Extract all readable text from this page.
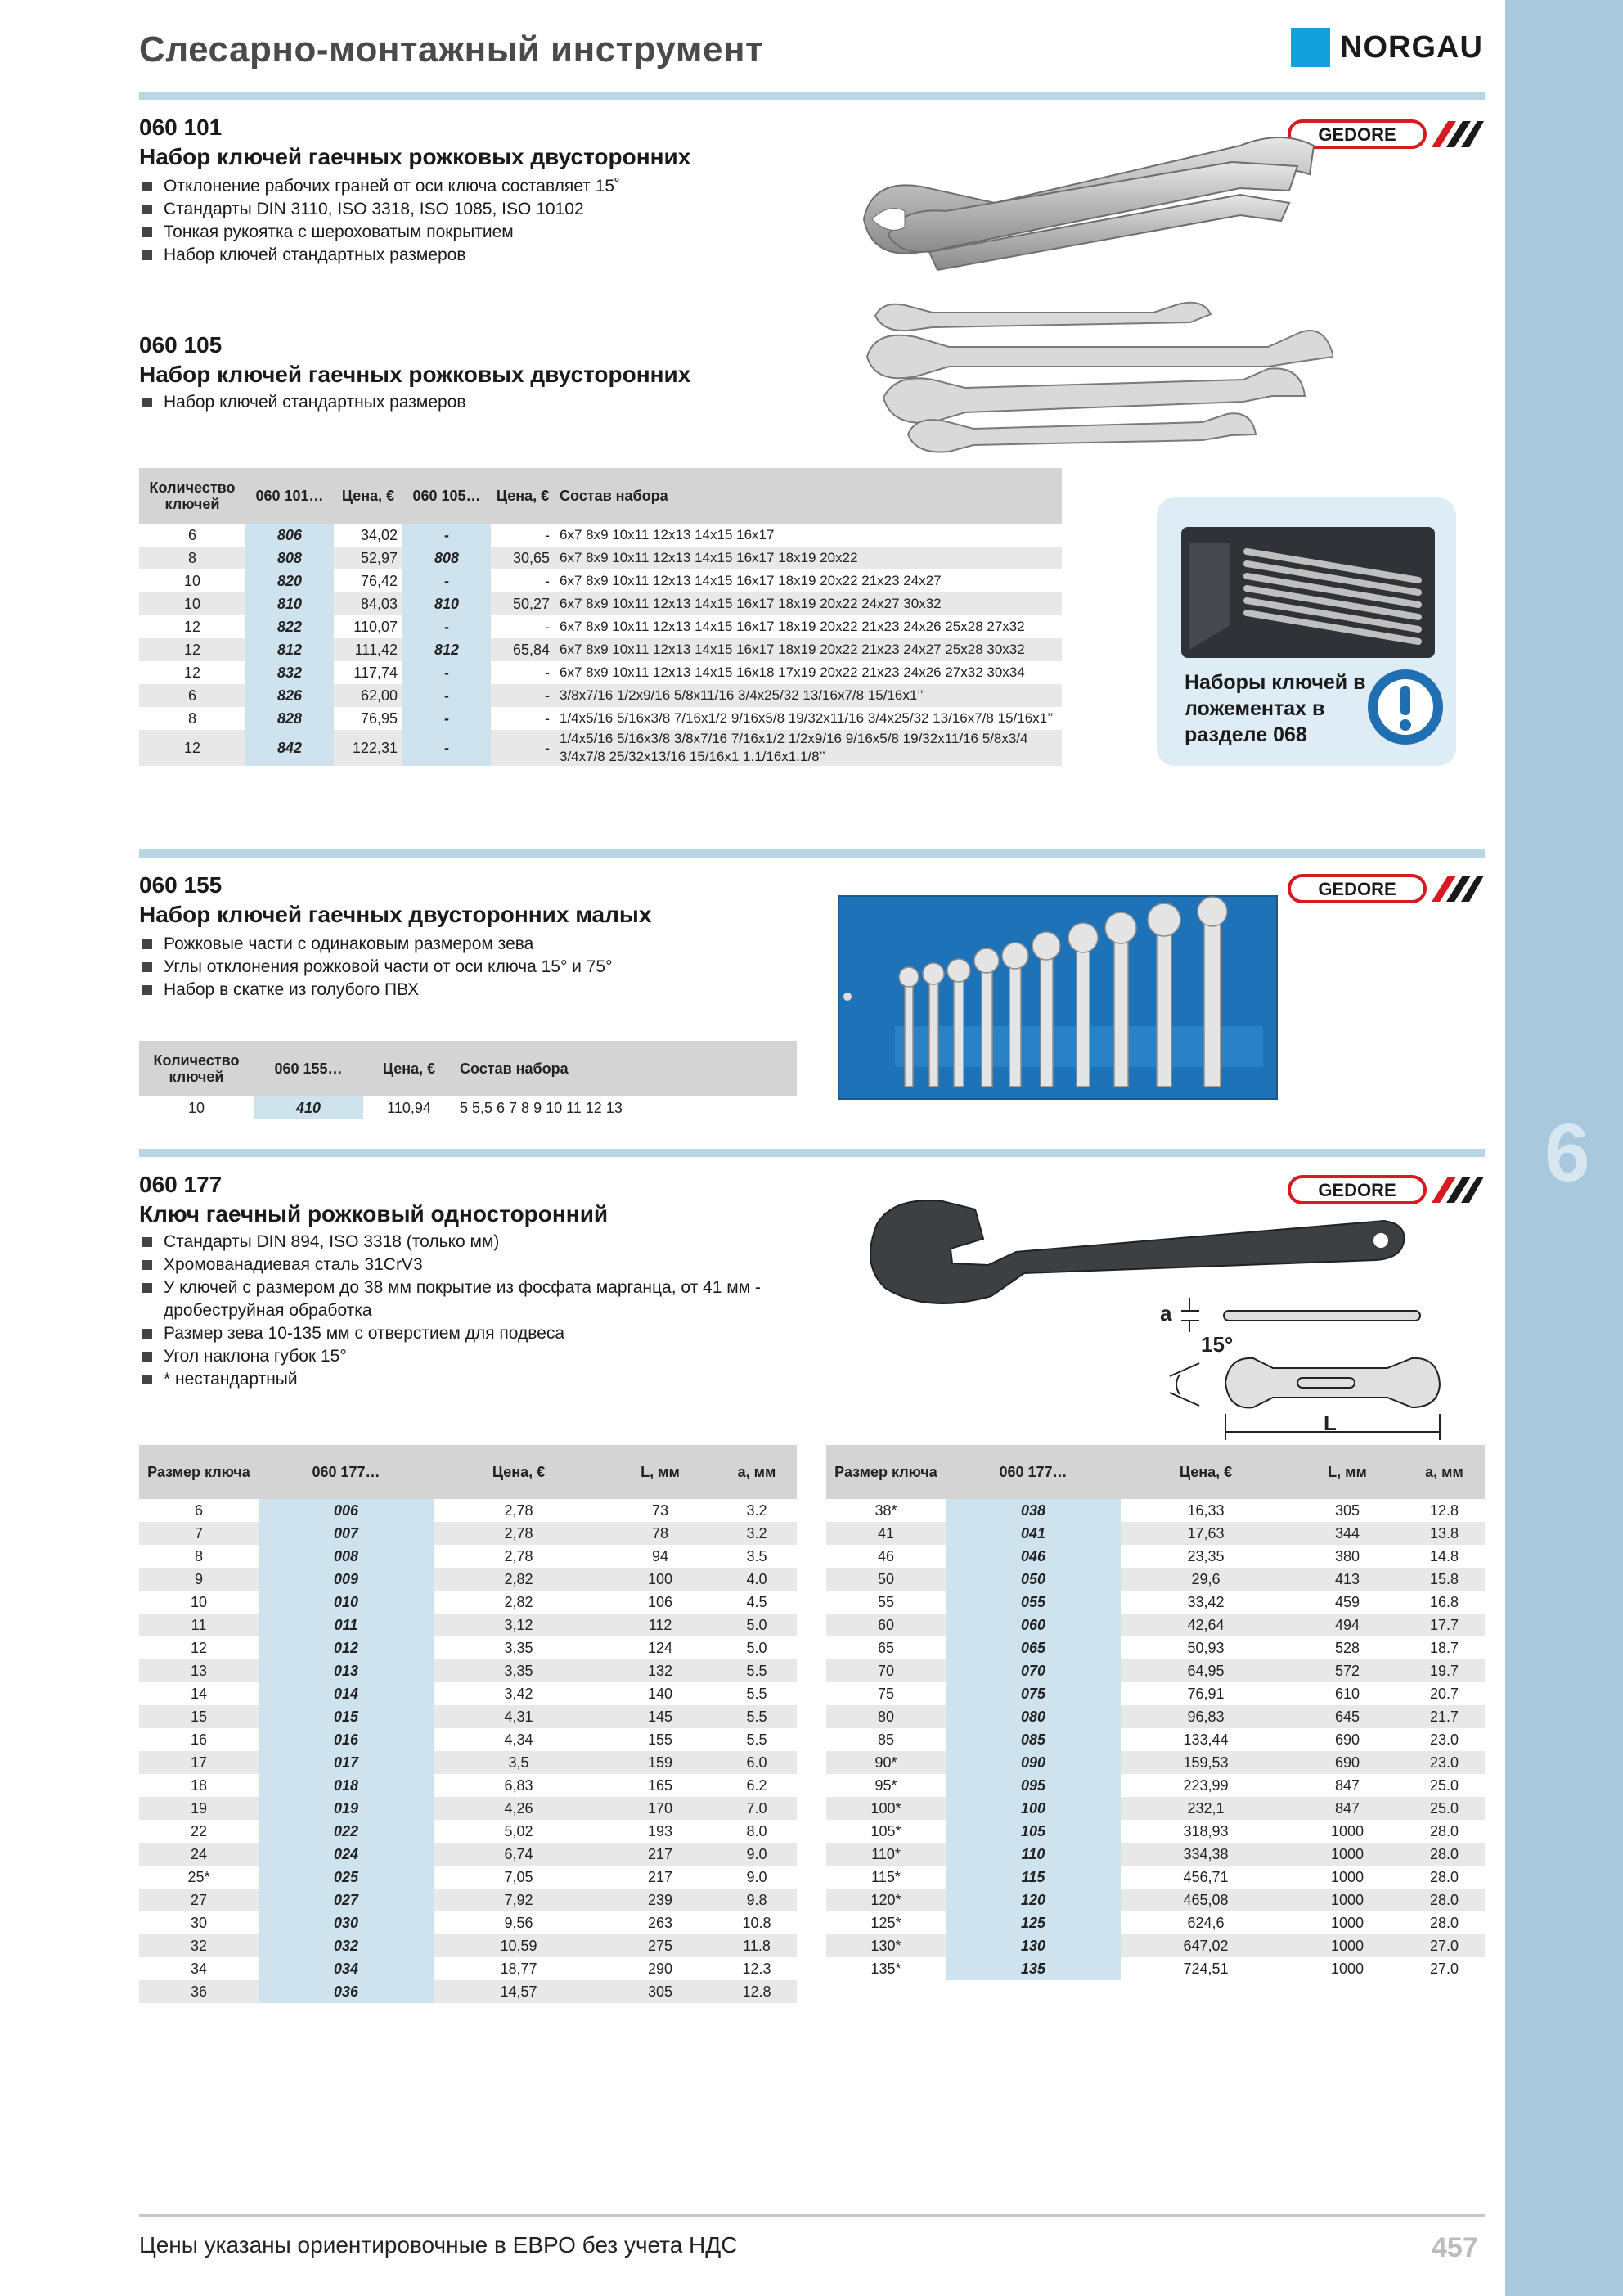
6
Слесарно-монтажный инструмент	NORGAU
060 101
Набор ключей гаечных рожковых двусторонних
Отклонение рабочих граней от оси ключа составляет 15˚
Стандарты DIN 3110, ISO 3318, ISO 1085, ISO 10102
Тонкая рукоятка с шероховатым покрытием
Набор ключей стандартных размеров
GEDORE
060 105
Набор ключей гаечных рожковых двусторонних
Набор ключей стандартных размеров
Количество ключей	060 101…	Цена, €	060 105…	Цена, €	Состав набора
6	806	34,02	-	-	6x7 8x9 10x11 12x13 14x15 16x17
8	808	52,97	808	30,65	6x7 8x9 10x11 12x13 14x15 16x17 18x19 20x22
10	820	76,42	-	-	6x7 8x9 10x11 12x13 14x15 16x17 18x19 20x22 21x23 24x27
10	810	84,03	810	50,27	6x7 8x9 10x11 12x13 14x15 16x17 18x19 20x22 24x27 30x32
12	822	110,07	-	-	6x7 8x9 10x11 12x13 14x15 16x17 18x19 20x22 21x23 24x26 25x28 27x32
12	812	111,42	812	65,84	6x7 8x9 10x11 12x13 14x15 16x17 18x19 20x22 21x23 24x27 25x28 30x32
12	832	117,74	-	-	6x7 8x9 10x11 12x13 14x15 16x18 17x19 20x22 21x23 24x26 27x32 30x34
6	826	62,00	-	-	3/8x7/16 1/2x9/16 5/8x11/16 3/4x25/32 13/16x7/8 15/16x1’’
8	828	76,95	-	-	1/4x5/16 5/16x3/8 7/16x1/2 9/16x5/8 19/32x11/16 3/4x25/32 13/16x7/8 15/16x1’’
12	842	122,31	-	-	1/4x5/16 5/16x3/8 3/8x7/16 7/16x1/2 1/2x9/16 9/16x5/8 19/32x11/16 5/8x3/4 3/4x7/8 25/32x13/16 15/16x1 1.1/16x1.1/8’’
Наборы ключей в ложементах в разделе 068
060 155
Набор ключей гаечных двусторонних малых
Рожковые части с одинаковым размером зева
Углы отклонения рожковой части от оси ключа 15° и 75°
Набор в скатке из голубого ПВХ
GEDORE
Количество ключей	060 155…	Цена, €	Состав набора
10	410	110,94	5 5,5 6 7 8 9 10 11 12 13
060 177
Ключ гаечный рожковый односторонний
Стандарты DIN 894, ISO 3318 (только мм)
Хромованадиевая сталь 31CrV3
У ключей с размером до 38 мм покрытие из фосфата марганца, от 41 мм - дробеструйная обработка
Размер зева 10-135 мм с отверстием для подвеса
Угол наклона губок 15°
* нестандартный
GEDORE
a
15°
L
Размер ключа	060 177…	Цена, €	L, мм	a, мм
6	006	2,78	73	3.2
7	007	2,78	78	3.2
8	008	2,78	94	3.5
9	009	2,82	100	4.0
10	010	2,82	106	4.5
11	011	3,12	112	5.0
12	012	3,35	124	5.0
13	013	3,35	132	5.5
14	014	3,42	140	5.5
15	015	4,31	145	5.5
16	016	4,34	155	5.5
17	017	3,5	159	6.0
18	018	6,83	165	6.2
19	019	4,26	170	7.0
22	022	5,02	193	8.0
24	024	6,74	217	9.0
25*	025	7,05	217	9.0
27	027	7,92	239	9.8
30	030	9,56	263	10.8
32	032	10,59	275	11.8
34	034	18,77	290	12.3
36	036	14,57	305	12.8
Размер ключа	060 177…	Цена, €	L, мм	a, мм
38*	038	16,33	305	12.8
41	041	17,63	344	13.8
46	046	23,35	380	14.8
50	050	29,6	413	15.8
55	055	33,42	459	16.8
60	060	42,64	494	17.7
65	065	50,93	528	18.7
70	070	64,95	572	19.7
75	075	76,91	610	20.7
80	080	96,83	645	21.7
85	085	133,44	690	23.0
90*	090	159,53	690	23.0
95*	095	223,99	847	25.0
100*	100	232,1	847	25.0
105*	105	318,93	1000	28.0
110*	110	334,38	1000	28.0
115*	115	456,71	1000	28.0
120*	120	465,08	1000	28.0
125*	125	624,6	1000	28.0
130*	130	647,02	1000	27.0
135*	135	724,51	1000	27.0
Цены указаны ориентировочные в ЕВРО без учета НДС	457
